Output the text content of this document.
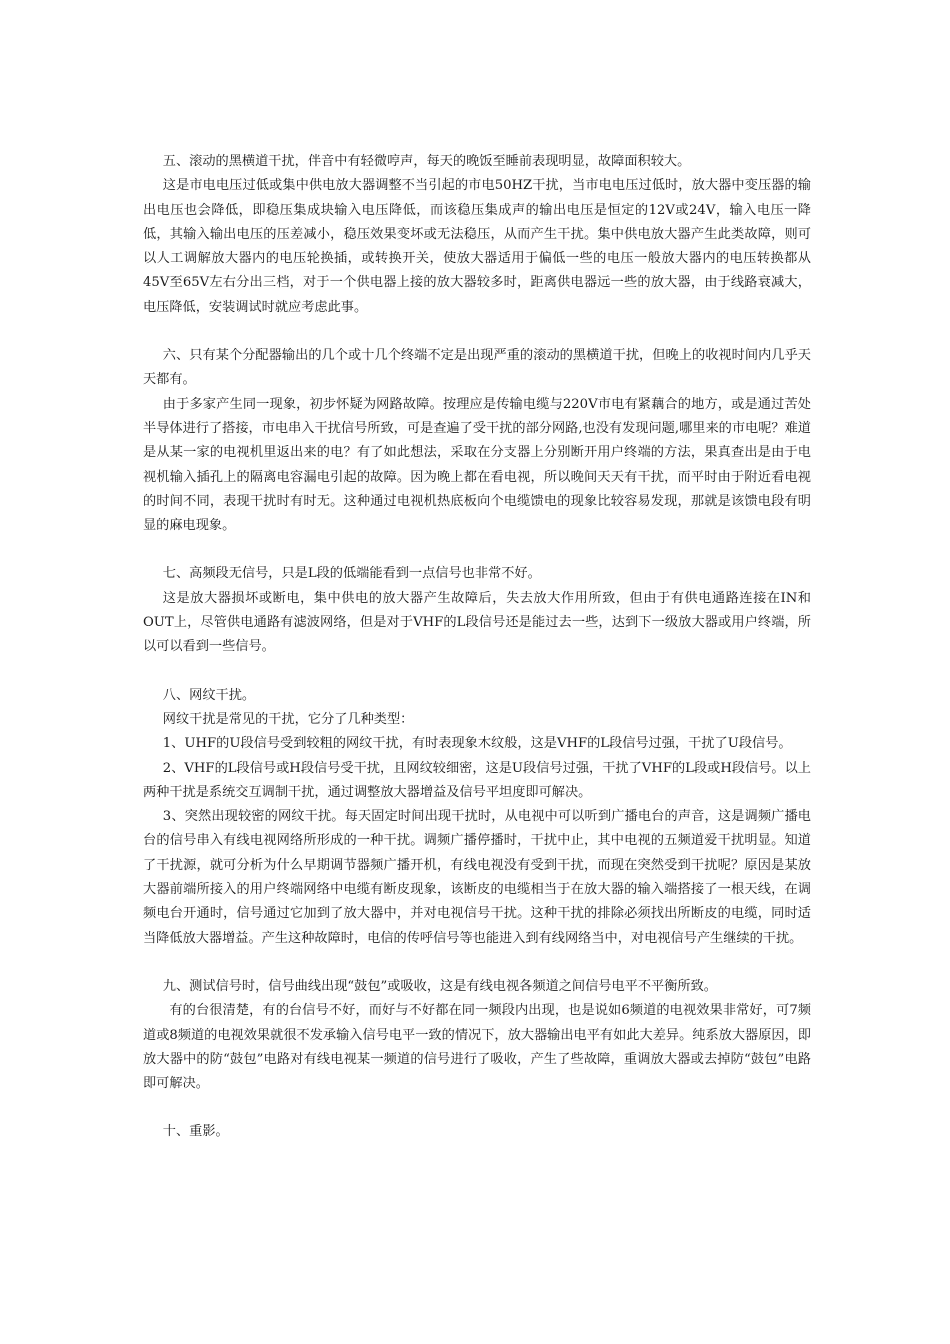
五、滚动的黑横道干扰，伴音中有轻微哼声，每天的晚饭至睡前表现明显，故障面积较大。

这是市电电压过低或集中供电放大器调整不当引起的市电50HZ干扰，当市电电压过低时，放大器中变压器的输出电压也会降低，即稳压集成块输入电压降低，而该稳压集成声的输出电压是恒定的12V或24V，输入电压一降低，其输入输出电压的压差减小，稳压效果变坏或无法稳压，从而产生干扰。集中供电放大器产生此类故障，则可以人工调解放大器内的电压轮换插，或转换开关，使放大器适用于偏低一些的电压一般放大器内的电压转换都从45V至65V左右分出三档，对于一个供电器上接的放大器较多时，距离供电器远一些的放大器，由于线路衰减大，电压降低，安装调试时就应考虑此事。

六、只有某个分配器输出的几个或十几个终端不定是出现严重的滚动的黑横道干扰，但晚上的收视时间内几乎天天都有。

由于多家产生同一现象，初步怀疑为网路故障。按理应是传输电缆与220V市电有紧藕合的地方，或是通过苦处半导体进行了搭接，市电串入干扰信号所致，可是查遍了受干扰的部分网路,也没有发现问题,哪里来的市电呢？难道是从某一家的电视机里返出来的电？有了如此想法，采取在分支器上分别断开用户终端的方法，果真查出是由于电视机输入插孔上的隔离电容漏电引起的故障。因为晚上都在看电视，所以晚间天天有干扰，而平时由于附近看电视的时间不同，表现干扰时有时无。这种通过电视机热底板向个电缆馈电的现象比较容易发现，那就是该馈电段有明显的麻电现象。

七、高频段无信号，只是L段的低端能看到一点信号也非常不好。

这是放大器损坏或断电，集中供电的放大器产生故障后，失去放大作用所致，但由于有供电通路连接在IN和OUT上，尽管供电通路有滤波网络，但是对于VHF的L段信号还是能过去一些，达到下一级放大器或用户终端，所以可以看到一些信号。

八、网纹干扰。

网纹干扰是常见的干扰，它分了几种类型：

1、UHF的U段信号受到较粗的网纹干扰，有时表现象木纹般，这是VHF的L段信号过强，干扰了U段信号。

2、VHF的L段信号或H段信号受干扰，且网纹较细密，这是U段信号过强，干扰了VHF的L段或H段信号。以上两种干扰是系统交互调制干扰，通过调整放大器增益及信号平坦度即可解决。

3、突然出现较密的网纹干扰。每天固定时间出现干扰时，从电视中可以听到广播电台的声音，这是调频广播电台的信号串入有线电视网络所形成的一种干扰。调频广播停播时，干扰中止，其中电视的五频道爱干扰明显。知道了干扰源，就可分析为什么早期调节器频广播开机，有线电视没有受到干扰，而现在突然受到干扰呢？原因是某放大器前端所接入的用户终端网络中电缆有断皮现象，该断皮的电缆相当于在放大器的输入端搭接了一根天线，在调频电台开通时，信号通过它加到了放大器中，并对电视信号干扰。这种干扰的排除必须找出所断皮的电缆，同时适当降低放大器增益。产生这种故障时，电信的传呼信号等也能进入到有线网络当中，对电视信号产生继续的干扰。

九、测试信号时，信号曲线出现“鼓包”或吸收，这是有线电视各频道之间信号电平不平衡所致。

有的台很清楚，有的台信号不好，而好与不好都在同一频段内出现，也是说如6频道的电视效果非常好，可7频道或8频道的电视效果就很不发承输入信号电平一致的情况下，放大器输出电平有如此大差异。纯系放大器原因，即放大器中的防“鼓包”电路对有线电视某一频道的信号进行了吸收，产生了些故障，重调放大器或去掉防“鼓包”电路即可解决。

十、重影。
